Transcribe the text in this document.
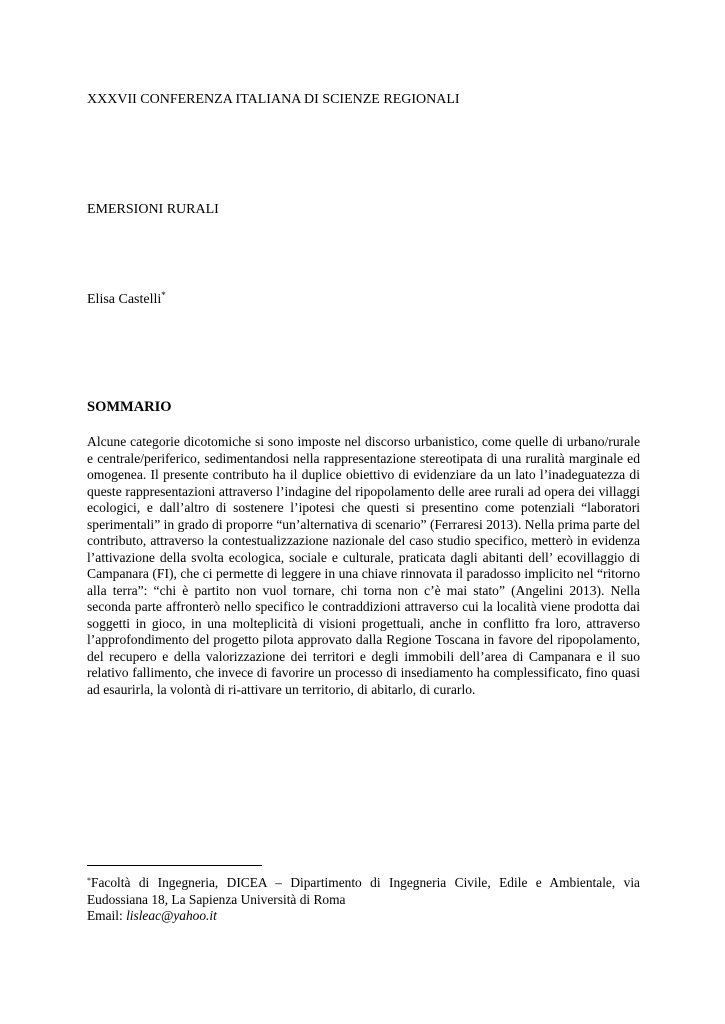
XXXVII CONFERENZA ITALIANA DI SCIENZE REGIONALI
EMERSIONI RURALI
Elisa Castelli*
SOMMARIO

Alcune categorie dicotomiche si sono imposte nel discorso urbanistico, come quelle di urbano/rurale e centrale/periferico, sedimentandosi nella rappresentazione stereotipata di una ruralità marginale ed omogenea. Il presente contributo ha il duplice obiettivo di evidenziare da un lato l’inadeguatezza di queste rappresentazioni attraverso l’indagine del ripopolamento delle aree rurali ad opera dei villaggi ecologici, e dall’altro di sostenere l’ipotesi che questi si presentino come potenziali “laboratori sperimentali” in grado di proporre “un’alternativa di scenario” (Ferraresi 2013). Nella prima parte del contributo, attraverso la contestualizzazione nazionale del caso studio specifico, metterò in evidenza l’attivazione della svolta ecologica, sociale e culturale, praticata dagli abitanti dell’ ecovillaggio di Campanara (FI), che ci permette di leggere in una chiave rinnovata il paradosso implicito nel “ritorno alla terra”: “chi è partito non vuol tornare, chi torna non c’è mai stato” (Angelini 2013). Nella seconda parte affronterò nello specifico le contraddizioni attraverso cui la località viene prodotta dai soggetti in gioco, in una molteplicità di visioni progettuali, anche in conflitto fra loro, attraverso l’approfondimento del progetto pilota approvato dalla Regione Toscana in favore del ripopolamento, del recupero e della valorizzazione dei territori e degli immobili dell’area di Campanara e il suo relativo fallimento, che invece di favorire un processo di insediamento ha complessificato, fino quasi ad esaurirla, la volontà di ri-attivare un territorio, di abitarlo, di curarlo.

*Facoltà di Ingegneria, DICEA – Dipartimento di Ingegneria Civile, Edile e Ambientale, via Eudossiana 18, La Sapienza Università di Roma
Email: lisleac@yahoo.it
